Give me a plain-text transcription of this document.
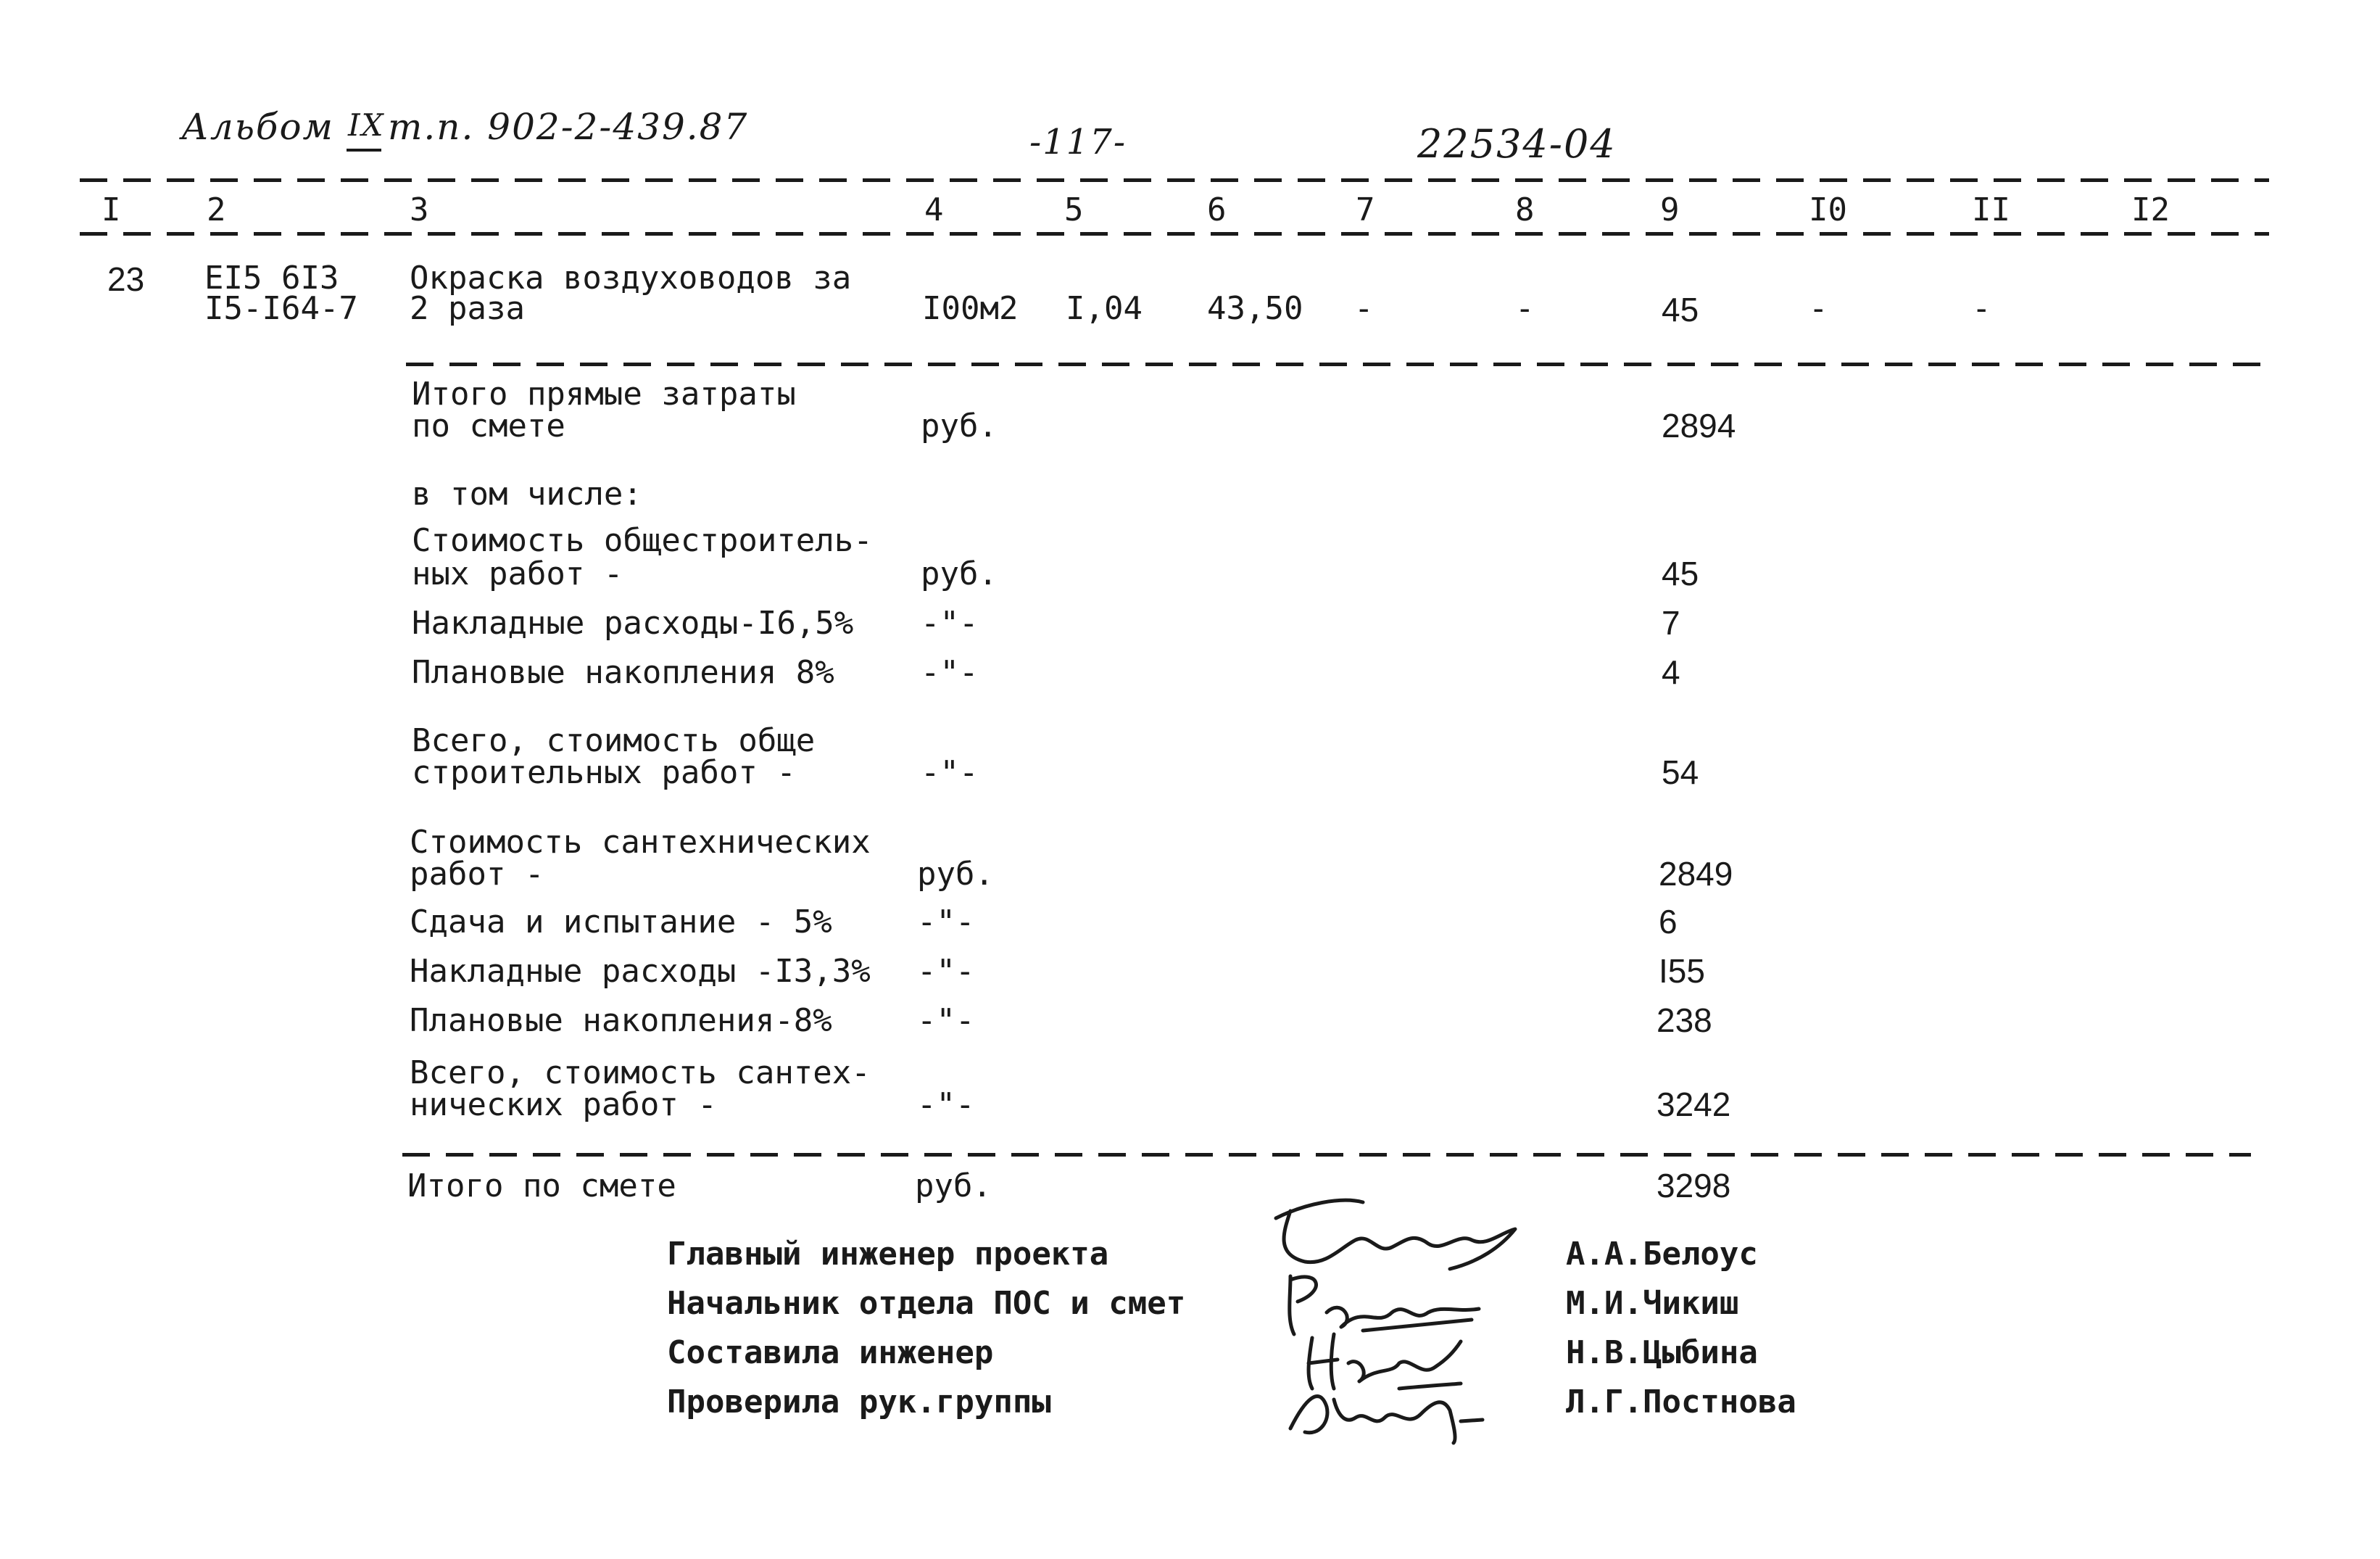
Альбом IX т.п. 902-2-439.87	-117-	22534-04
I	2	3	4	5	6	7	8	9	I0	II	I2
23 EI5 6I3
I5-I64-7
Окраска воздуховодов за
2 раза	I00м2 I,04 43,50 -	-	45	-	-
Итого прямые затраты
по смете	руб.	2894
в том числе:
Стоимость общестроитель-
ных работ -	руб.	45
Накладные расходы-I6,5% -"-	7
Плановые накопления 8%	-"-	4
Всего, стоимость обще
строительных работ -	-"-	54
Стоимость сантехнических
работ -	руб.	2849
Сдача и испытание - 5%	-"-	6
Накладные расходы -I3,3% -"-	I55
Плановые накопления-8%	-"-	238
Всего, стоимость сантех-
нических работ -	-"-	3242
Итого по смете	руб.	3298
Главный инженер проекта
Начальник отдела ПОС и смет
Составила инженер
Проверила рук.группы
А.А.Белоус
М.И.Чикиш
Н.В.Цыбина
Л.Г.Постнова
